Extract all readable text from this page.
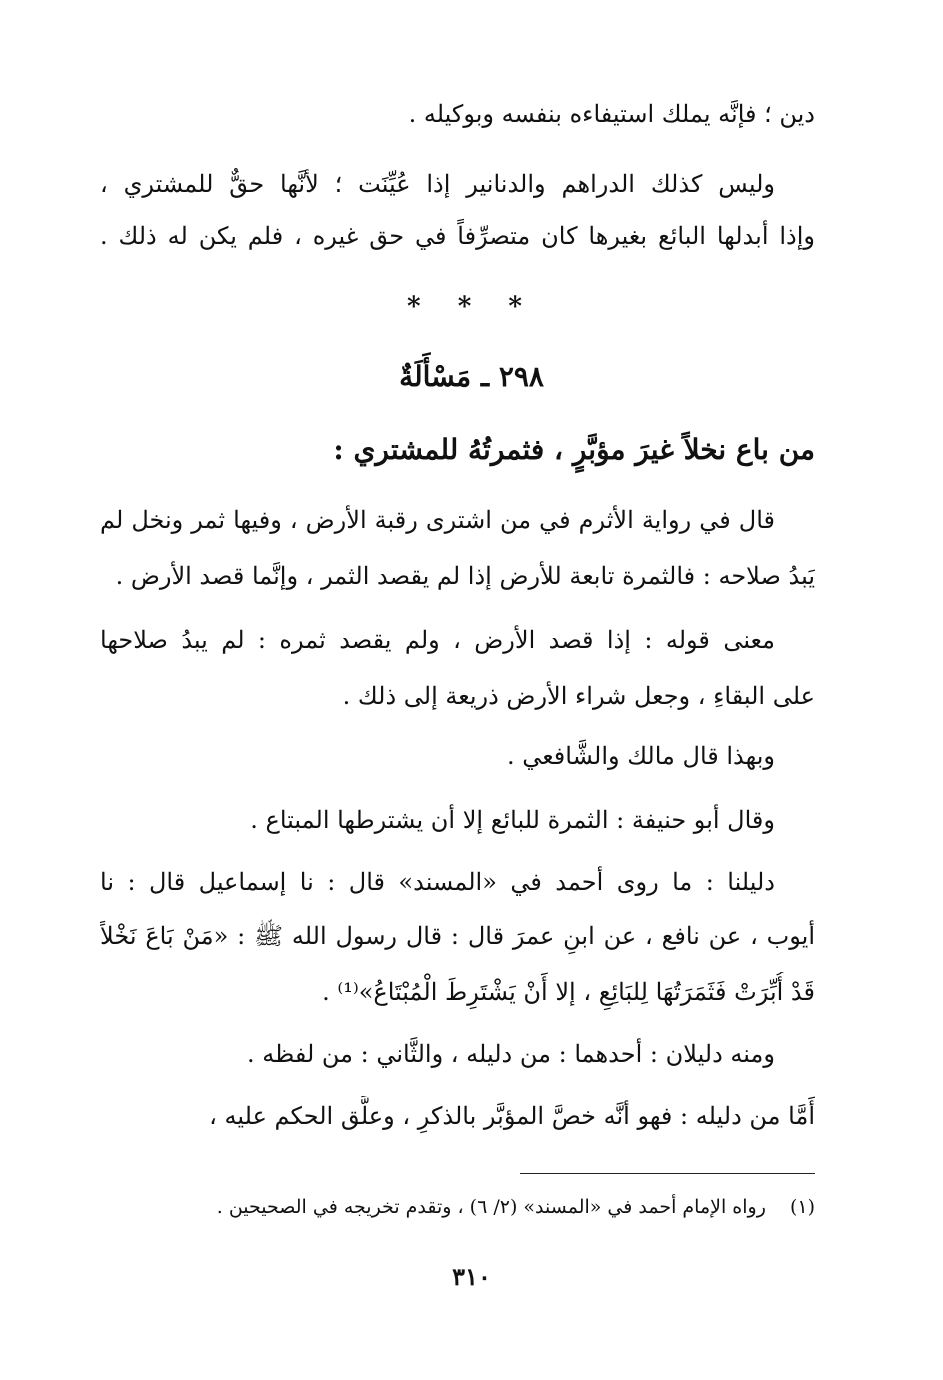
دين ؛ فإنَّه يملك استيفاءه بنفسه وبوكيله .
وليس كذلك الدراهم والدنانير إذا عُيِّنَت ؛ لأنَّها حقٌّ للمشتري ،
وإذا أبدلها البائع بغيرها كان متصرِّفاً في حق غيره ، فلم يكن له ذلك .
* * *
٢٩٨ ـ مَسْأَلَةٌ
من باع نخلاً غيرَ مؤبَّرٍ ، فثمرتُهُ للمشتري :
قال في رواية الأثرم في من اشترى رقبة الأرض ، وفيها ثمر ونخل لم
يَبدُ صلاحه : فالثمرة تابعة للأرض إذا لم يقصد الثمر ، وإنَّما قصد الأرض .
معنى قوله : إذا قصد الأرض ، ولم يقصد ثمره : لم يبدُ صلاحها
على البقاءِ ، وجعل شراء الأرض ذريعة إلى ذلك .
وبهذا قال مالك والشَّافعي .
وقال أبو حنيفة : الثمرة للبائع إلا أن يشترطها المبتاع .
دليلنا : ما روى أحمد في «المسند» قال : نا إسماعيل قال : نا
أيوب ، عن نافع ، عن ابنِ عمرَ قال : قال رسول الله ﷺ : «مَنْ بَاعَ نَخْلاً
قَدْ أُبِّرَتْ فَثَمَرَتُهَا لِلبَائِعِ ، إلا أَنْ يَشْتَرِطَ الْمُبْتَاعُ»⁽¹⁾ .
ومنه دليلان : أحدهما : من دليله ، والثَّاني : من لفظه .
أَمَّا من دليله : فهو أنَّه خصَّ المؤبَّر بالذكرِ ، وعلَّق الحكم عليه ،
(١) رواه الإمام أحمد في «المسند» (٢/ ٦) ، وتقدم تخريجه في الصحيحين .
٣١٠
